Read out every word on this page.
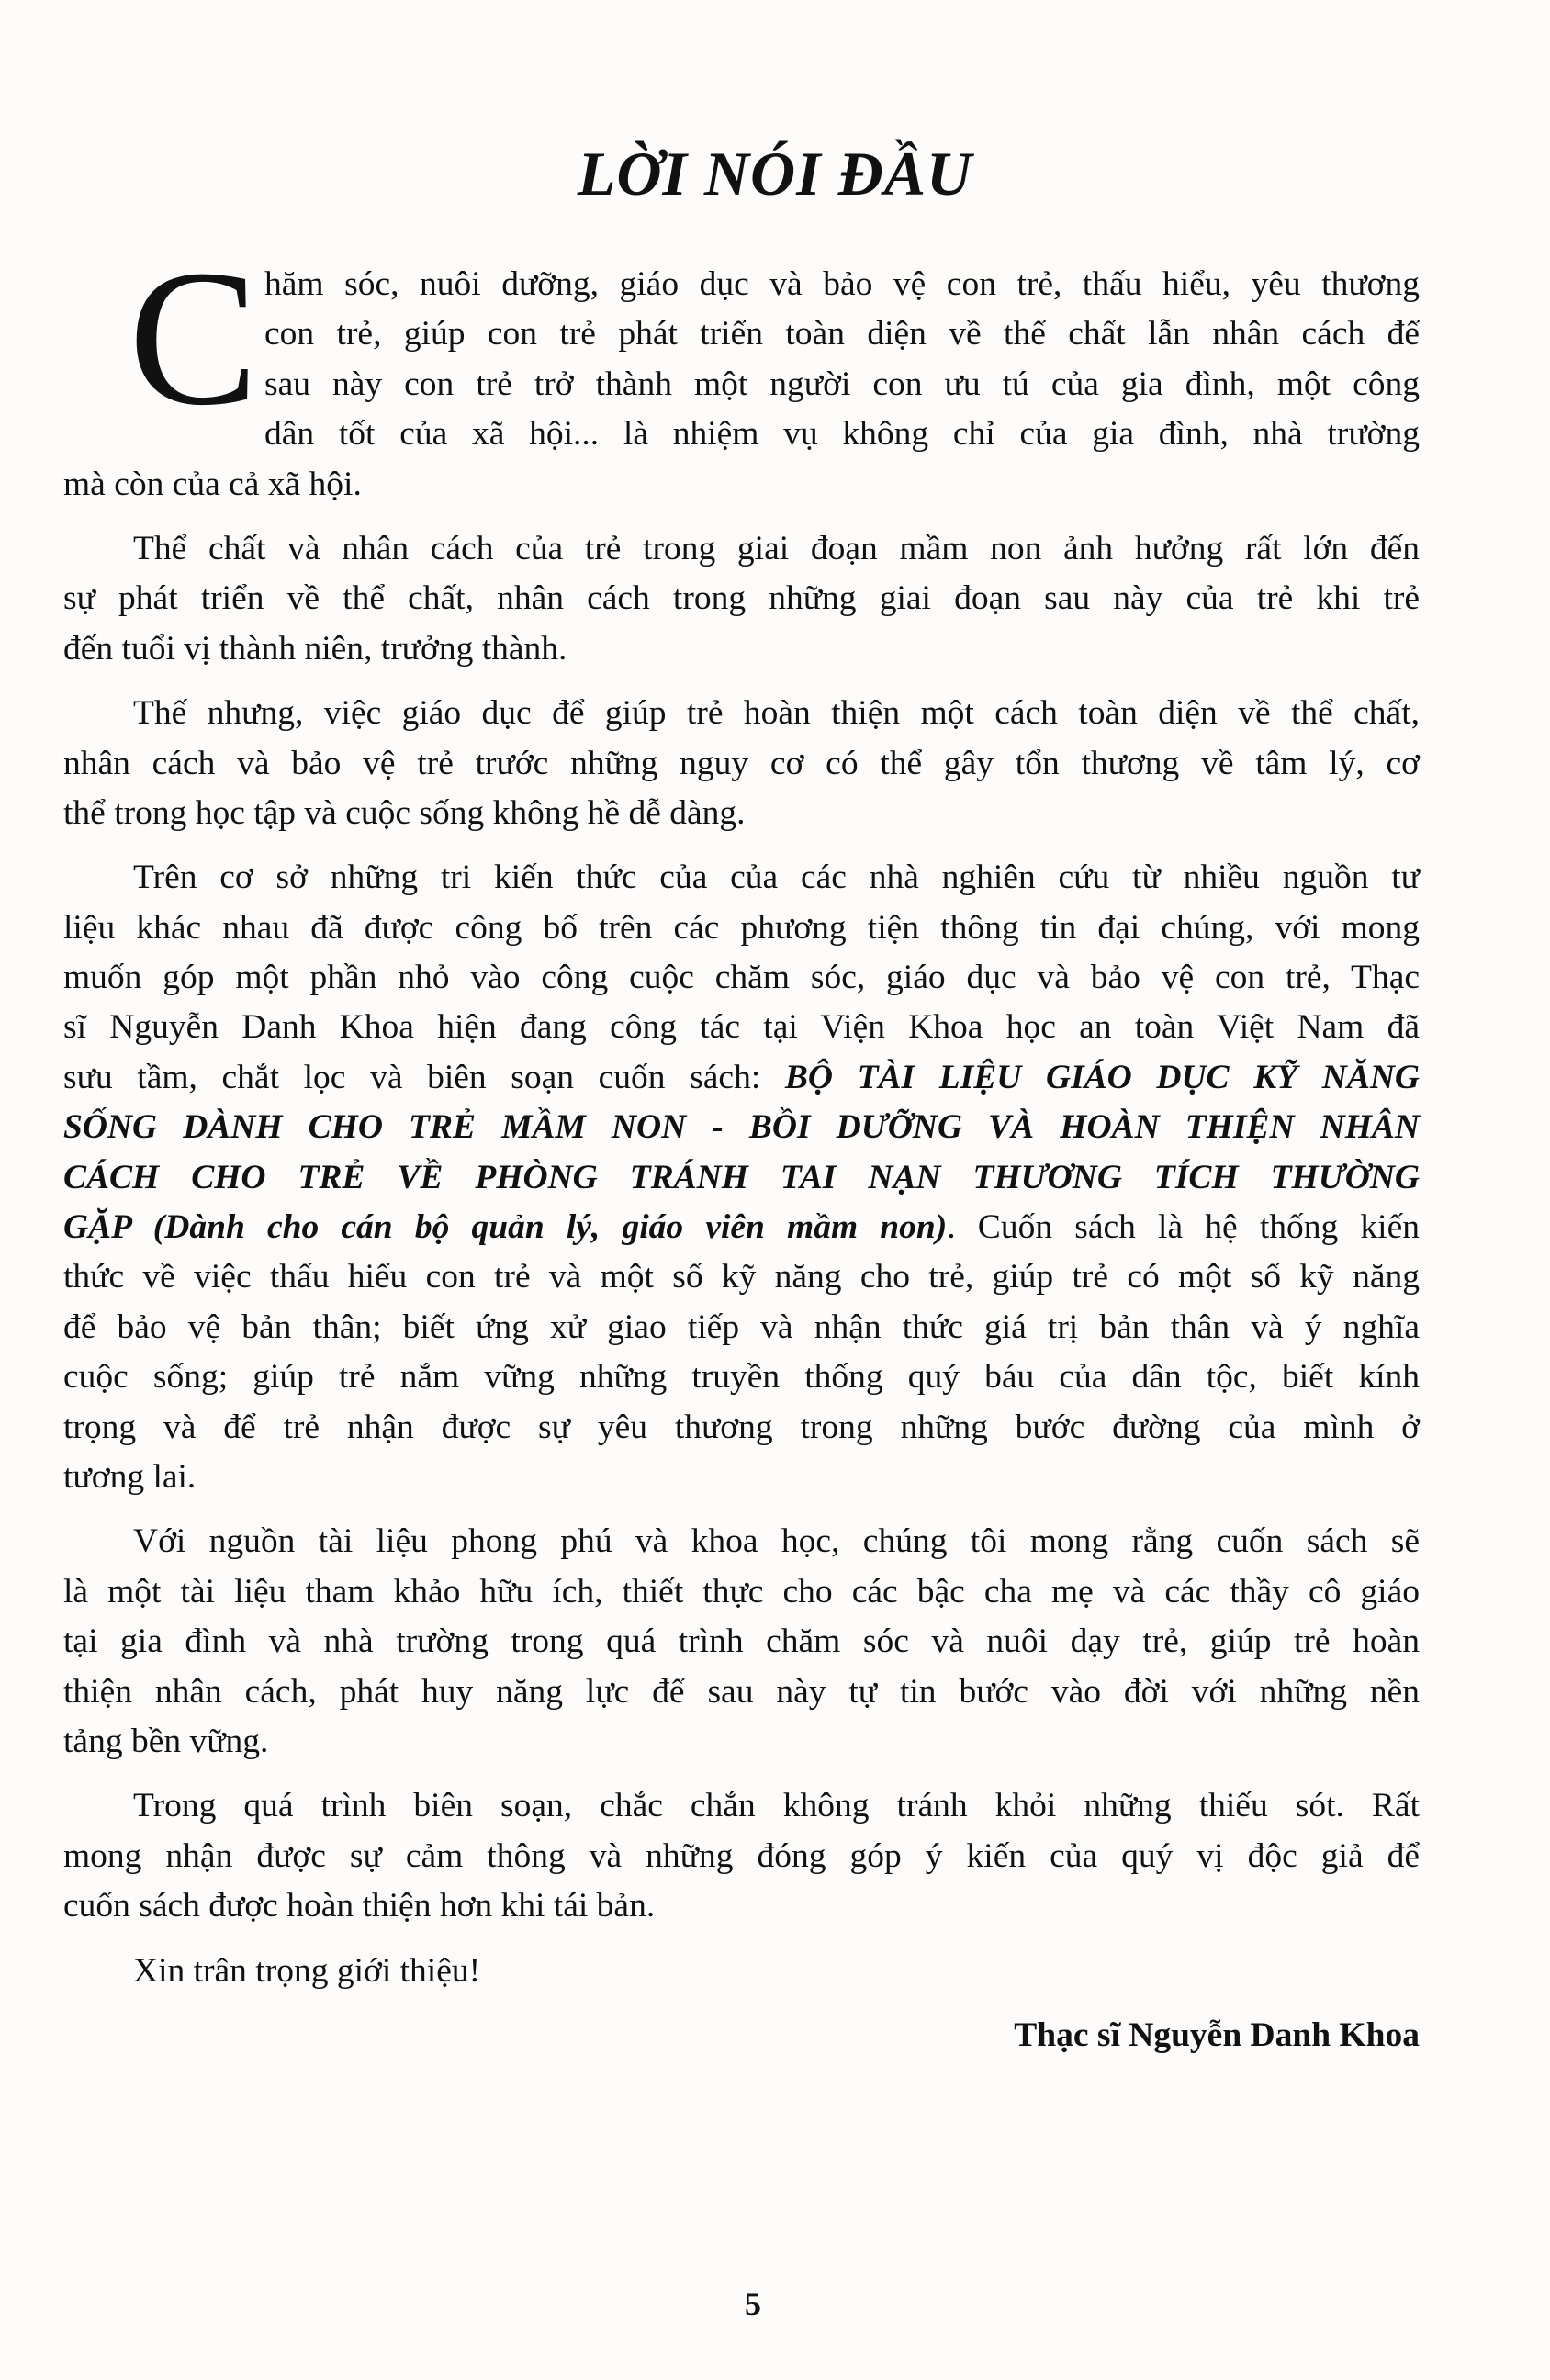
LỜI NÓI ĐẦU
C hăm sóc, nuôi dưỡng, giáo dục và bảo vệ con trẻ, thấu hiểu, yêu thương
con trẻ, giúp con trẻ phát triển toàn diện về thể chất lẫn nhân cách để
sau này con trẻ trở thành một người con ưu tú của gia đình, một công
dân tốt của xã hội... là nhiệm vụ không chỉ của gia đình, nhà trường
mà còn của cả xã hội.
Thể chất và nhân cách của trẻ trong giai đoạn mầm non ảnh hưởng rất lớn đến
sự phát triển về thể chất, nhân cách trong những giai đoạn sau này của trẻ khi trẻ
đến tuổi vị thành niên, trưởng thành.
Thế nhưng, việc giáo dục để giúp trẻ hoàn thiện một cách toàn diện về thể chất,
nhân cách và bảo vệ trẻ trước những nguy cơ có thể gây tổn thương về tâm lý, cơ
thể trong học tập và cuộc sống không hề dễ dàng.
Trên cơ sở những tri kiến thức của của các nhà nghiên cứu từ nhiều nguồn tư
liệu khác nhau đã được công bố trên các phương tiện thông tin đại chúng, với mong
muốn góp một phần nhỏ vào công cuộc chăm sóc, giáo dục và bảo vệ con trẻ, Thạc
sĩ Nguyễn Danh Khoa hiện đang công tác tại Viện Khoa học an toàn Việt Nam đã
sưu tầm, chắt lọc và biên soạn cuốn sách: BỘ TÀI LIỆU GIÁO DỤC KỸ NĂNG
SỐNG DÀNH CHO TRẺ MẦM NON - BỒI DƯỠNG VÀ HOÀN THIỆN NHÂN
CÁCH CHO TRẺ VỀ PHÒNG TRÁNH TAI NẠN THƯƠNG TÍCH THƯỜNG
GẶP (Dành cho cán bộ quản lý, giáo viên mầm non). Cuốn sách là hệ thống kiến
thức về việc thấu hiểu con trẻ và một số kỹ năng cho trẻ, giúp trẻ có một số kỹ năng
để bảo vệ bản thân; biết ứng xử giao tiếp và nhận thức giá trị bản thân và ý nghĩa
cuộc sống; giúp trẻ nắm vững những truyền thống quý báu của dân tộc, biết kính
trọng và để trẻ nhận được sự yêu thương trong những bước đường của mình ở
tương lai.
Với nguồn tài liệu phong phú và khoa học, chúng tôi mong rằng cuốn sách sẽ
là một tài liệu tham khảo hữu ích, thiết thực cho các bậc cha mẹ và các thầy cô giáo
tại gia đình và nhà trường trong quá trình chăm sóc và nuôi dạy trẻ, giúp trẻ hoàn
thiện nhân cách, phát huy năng lực để sau này tự tin bước vào đời với những nền
tảng bền vững.
Trong quá trình biên soạn, chắc chắn không tránh khỏi những thiếu sót. Rất
mong nhận được sự cảm thông và những đóng góp ý kiến của quý vị độc giả để
cuốn sách được hoàn thiện hơn khi tái bản.
Xin trân trọng giới thiệu!
Thạc sĩ Nguyễn Danh Khoa
5
